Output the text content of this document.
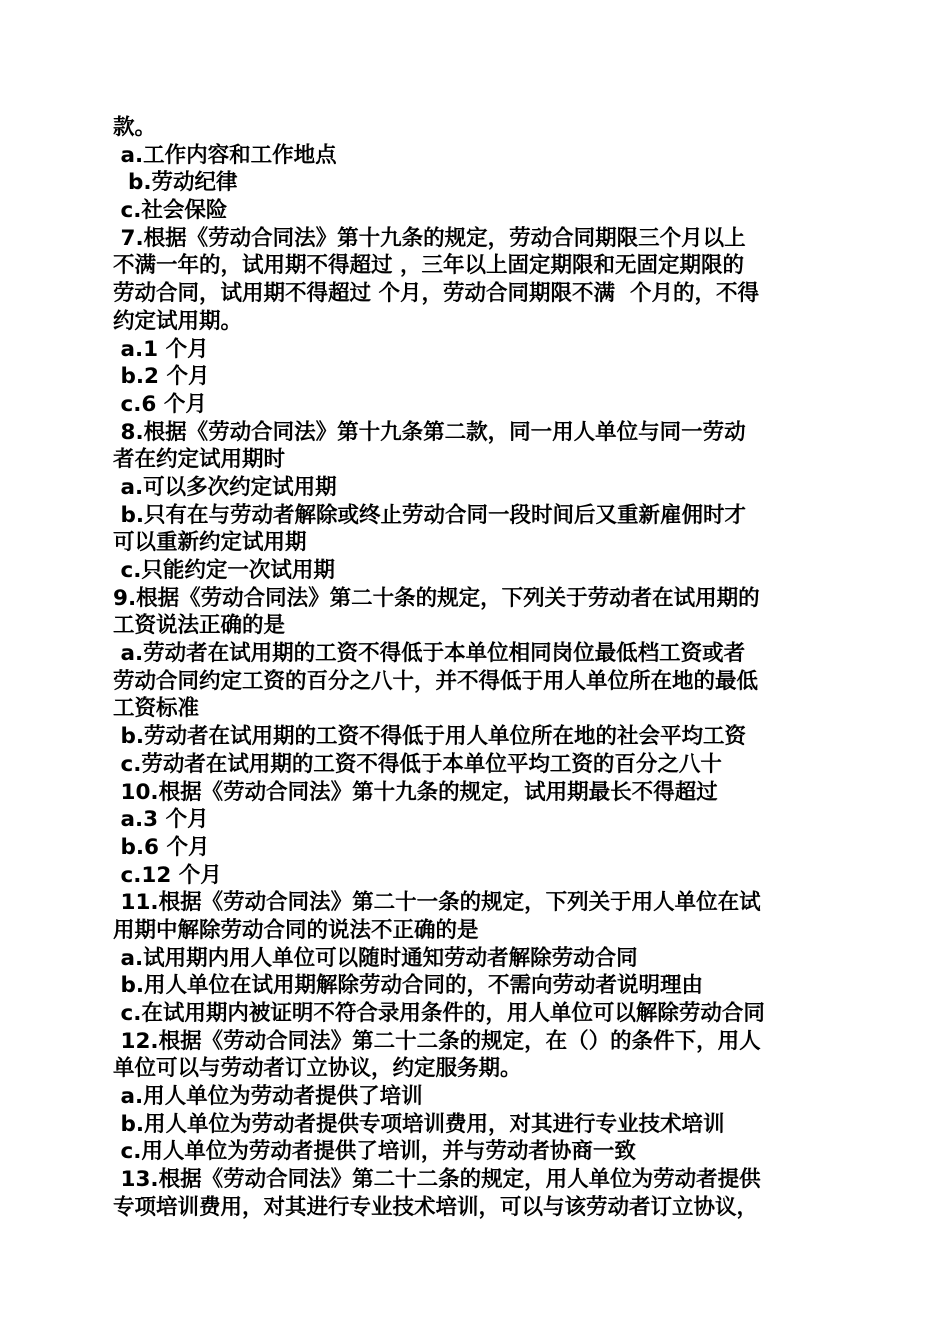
款。
a.工作内容和工作地点
b.劳动纪律
c.社会保险
7.根据《劳动合同法》第十九条的规定，劳动合同期限三个月以上
不满一年的，试用期不得超过 ，三年以上固定期限和无固定期限的
劳动合同，试用期不得超过 个月，劳动合同期限不满  个月的，不得
约定试用期。
a.1 个月
b.2 个月
c.6 个月
8.根据《劳动合同法》第十九条第二款，同一用人单位与同一劳动
者在约定试用期时
a.可以多次约定试用期
b.只有在与劳动者解除或终止劳动合同一段时间后又重新雇佣时才
可以重新约定试用期
c.只能约定一次试用期
9.根据《劳动合同法》第二十条的规定，下列关于劳动者在试用期的
工资说法正确的是
a.劳动者在试用期的工资不得低于本单位相同岗位最低档工资或者
劳动合同约定工资的百分之八十，并不得低于用人单位所在地的最低
工资标准
b.劳动者在试用期的工资不得低于用人单位所在地的社会平均工资
c.劳动者在试用期的工资不得低于本单位平均工资的百分之八十
10.根据《劳动合同法》第十九条的规定，试用期最长不得超过
a.3 个月
b.6 个月
c.12 个月
11.根据《劳动合同法》第二十一条的规定，下列关于用人单位在试
用期中解除劳动合同的说法不正确的是
a.试用期内用人单位可以随时通知劳动者解除劳动合同
b.用人单位在试用期解除劳动合同的，不需向劳动者说明理由
c.在试用期内被证明不符合录用条件的，用人单位可以解除劳动合同
12.根据《劳动合同法》第二十二条的规定，在（）的条件下，用人
单位可以与劳动者订立协议，约定服务期。
a.用人单位为劳动者提供了培训
b.用人单位为劳动者提供专项培训费用，对其进行专业技术培训
c.用人单位为劳动者提供了培训，并与劳动者协商一致
13.根据《劳动合同法》第二十二条的规定，用人单位为劳动者提供
专项培训费用，对其进行专业技术培训，可以与该劳动者订立协议，
